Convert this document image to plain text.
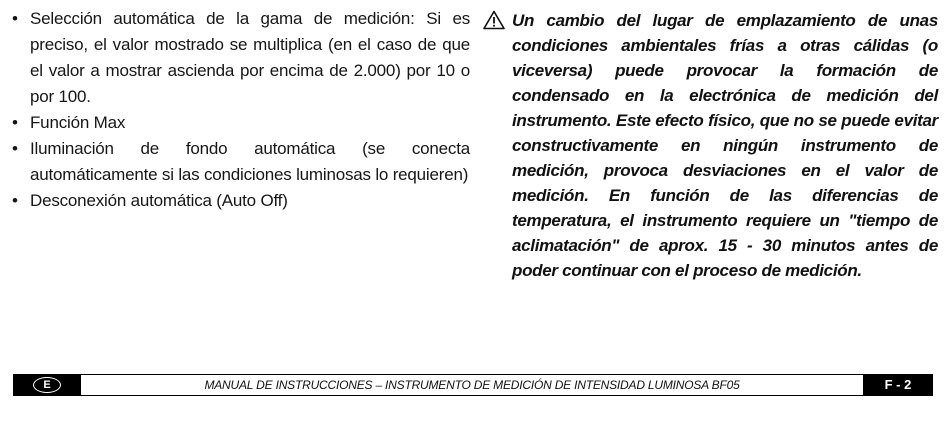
• Selección automática de la gama de medición: Si es preciso, el valor mostrado se multiplica (en el caso de que el valor a mostrar ascienda por encima de 2.000) por 10 o por 100.
• Función Max
• Iluminación de fondo automática (se conecta automáticamente si las condiciones luminosas lo requieren)
• Desconexión automática (Auto Off)

Un cambio del lugar de emplazamiento de unas condiciones ambientales frías a otras cálidas (o viceversa) puede provocar la formación de condensado en la electrónica de medición del instrumento. Este efecto físico, que no se puede evitar constructivamente en ningún instrumento de medición, provoca desviaciones en el valor de medición. En función de las diferencias de temperatura, el instrumento requiere un "tiempo de aclimatación" de aprox. 15 - 30 minutos antes de poder continuar con el proceso de medición.

E	MANUAL DE INSTRUCCIONES – INSTRUMENTO DE MEDICIÓN DE INTENSIDAD LUMINOSA BF05	F - 2
